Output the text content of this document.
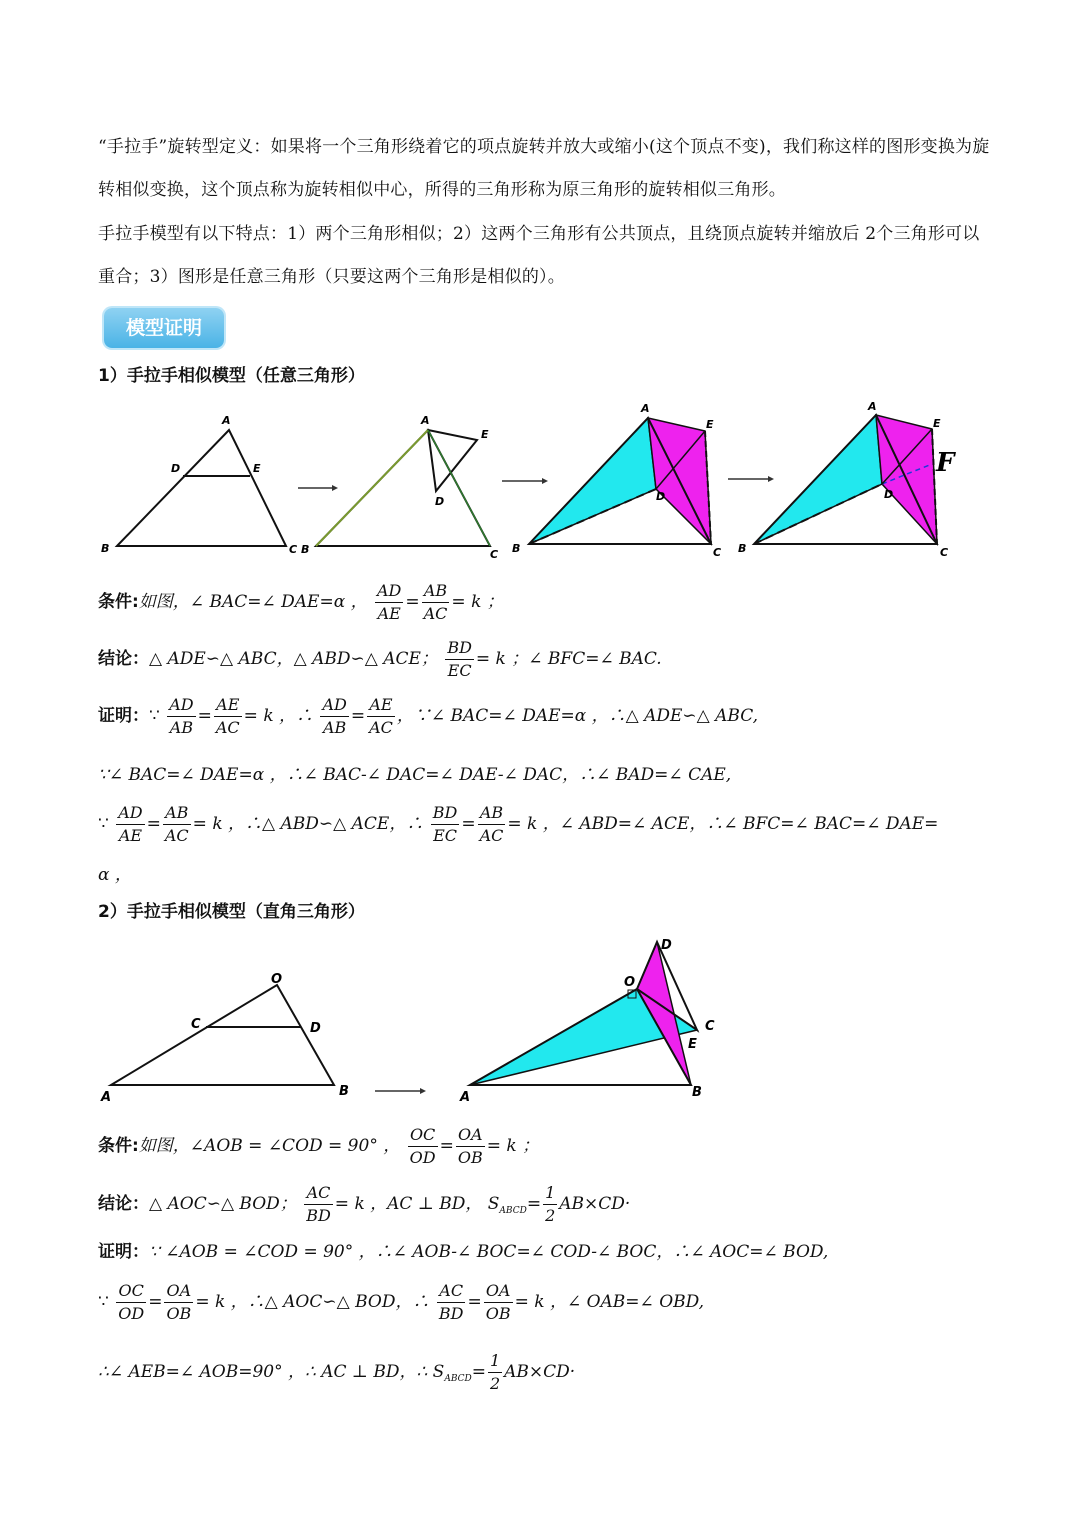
“手拉手”旋转型定义：如果将一个三角形绕着它的项点旋转并放大或缩小(这个顶点不变)，我们称这样的图形变换为旋转相似变换，这个顶点称为旋转相似中心，所得的三角形称为原三角形的旋转相似三角形。

手拉手模型有以下特点：1）两个三角形相似；2）这两个三角形有公共顶点，且绕顶点旋转并缩放后 2个三角形可以重合；3）图形是任意三角形（只要这两个三角形是相似的）。

模型证明
1）手拉手相似模型（任意三角形）
A
B	C
D	E
A
B	C
D
E
A
B	C
D
E
A
B	C
D
E
F
O
A	B
C	D
O
A	B
C
D
E
条件:如图，∠ BAC=∠ DAE=α ， $\frac{AD}{AE} = \frac{AB}{AC} = k$ ；
结论：△ ADE∽△ ABC，△ ABD∽△ ACE； $\frac{BD}{EC} = k$ ；∠ BFC=∠ BAC.
证明：∵ $\frac{AD}{AB} = \frac{AE}{AC} = k$ ，∴ $\frac{AD}{AB} = \frac{AE}{AC}$ ，∵∠ BAC=∠ DAE=α ，∴△ ADE∽△ ABC,
∵∠ BAC=∠ DAE=α ，∴∠ BAC-∠ DAC=∠ DAE-∠ DAC，∴∠ BAD=∠ CAE,
∵ $\frac{AD}{AE} = \frac{AB}{AC} = k$ ，∴△ ABD∽△ ACE，∴ $\frac{BD}{EC} = \frac{AB}{AC} = k$ ，∠ ABD=∠ ACE，∴∠ BFC=∠ BAC=∠ DAE=
α ，
2）手拉手相似模型（直角三角形）
条件:如图，∠AOB = ∠COD = 90° ， $\frac{OC}{OD} = \frac{OA}{OB} = k$ ；
结论：△ AOC∽△ BOD； $\frac{AC}{BD} = k$ ，AC ⊥ BD， $S_{ABCD}= \frac{1}{2} AB\times CD\cdot$
证明：∵ ∠AOB = ∠COD = 90° ，∴∠ AOB-∠ BOC=∠ COD-∠ BOC，∴∠ AOC=∠ BOD,
∵ $\frac{OC}{OD} = \frac{OA}{OB} = k$ ，∴△ AOC∽△ BOD，∴ $\frac{AC}{BD} = \frac{OA}{OB} = k$ ，∠ OAB=∠ OBD,
∴∠ AEB=∠ AOB=90° ，∴ AC ⊥ BD，∴ $S_{ABCD}= \frac{1}{2} AB\times CD\cdot$
